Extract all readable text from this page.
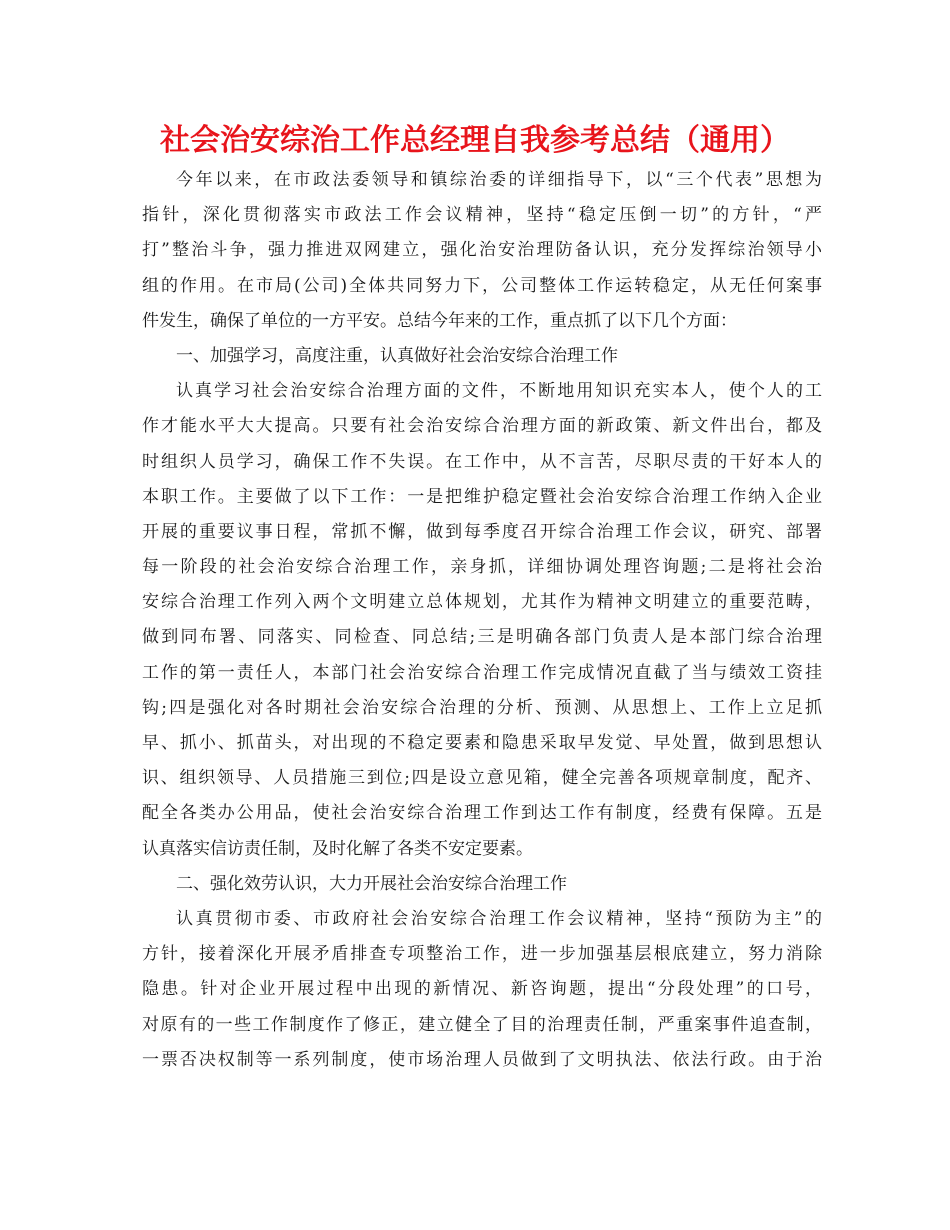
社会治安综治工作总经理自我参考总结（通用）
今年以来，在市政法委领导和镇综治委的详细指导下，以“三个代表”思想为
指针，深化贯彻落实市政法工作会议精神，坚持“稳定压倒一切”的方针，“严
打”整治斗争，强力推进双网建立，强化治安治理防备认识，充分发挥综治领导小
组的作用。在市局(公司)全体共同努力下，公司整体工作运转稳定，从无任何案事
件发生，确保了单位的一方平安。总结今年来的工作，重点抓了以下几个方面：
一、加强学习，高度注重，认真做好社会治安综合治理工作
认真学习社会治安综合治理方面的文件，不断地用知识充实本人，使个人的工
作才能水平大大提高。只要有社会治安综合治理方面的新政策、新文件出台，都及
时组织人员学习，确保工作不失误。在工作中，从不言苦，尽职尽责的干好本人的
本职工作。主要做了以下工作：一是把维护稳定暨社会治安综合治理工作纳入企业
开展的重要议事日程，常抓不懈，做到每季度召开综合治理工作会议，研究、部署
每一阶段的社会治安综合治理工作，亲身抓，详细协调处理咨询题;二是将社会治
安综合治理工作列入两个文明建立总体规划，尤其作为精神文明建立的重要范畴，
做到同布署、同落实、同检查、同总结;三是明确各部门负责人是本部门综合治理
工作的第一责任人，本部门社会治安综合治理工作完成情况直截了当与绩效工资挂
钩;四是强化对各时期社会治安综合治理的分析、预测、从思想上、工作上立足抓
早、抓小、抓苗头，对出现的不稳定要素和隐患采取早发觉、早处置，做到思想认
识、组织领导、人员措施三到位;四是设立意见箱，健全完善各项规章制度，配齐、
配全各类办公用品，使社会治安综合治理工作到达工作有制度，经费有保障。五是
认真落实信访责任制，及时化解了各类不安定要素。
二、强化效劳认识，大力开展社会治安综合治理工作
认真贯彻市委、市政府社会治安综合治理工作会议精神，坚持“预防为主”的
方针，接着深化开展矛盾排查专项整治工作，进一步加强基层根底建立，努力消除
隐患。针对企业开展过程中出现的新情况、新咨询题，提出“分段处理”的口号，
对原有的一些工作制度作了修正，建立健全了目的治理责任制，严重案事件追查制，
一票否决权制等一系列制度，使市场治理人员做到了文明执法、依法行政。由于治
